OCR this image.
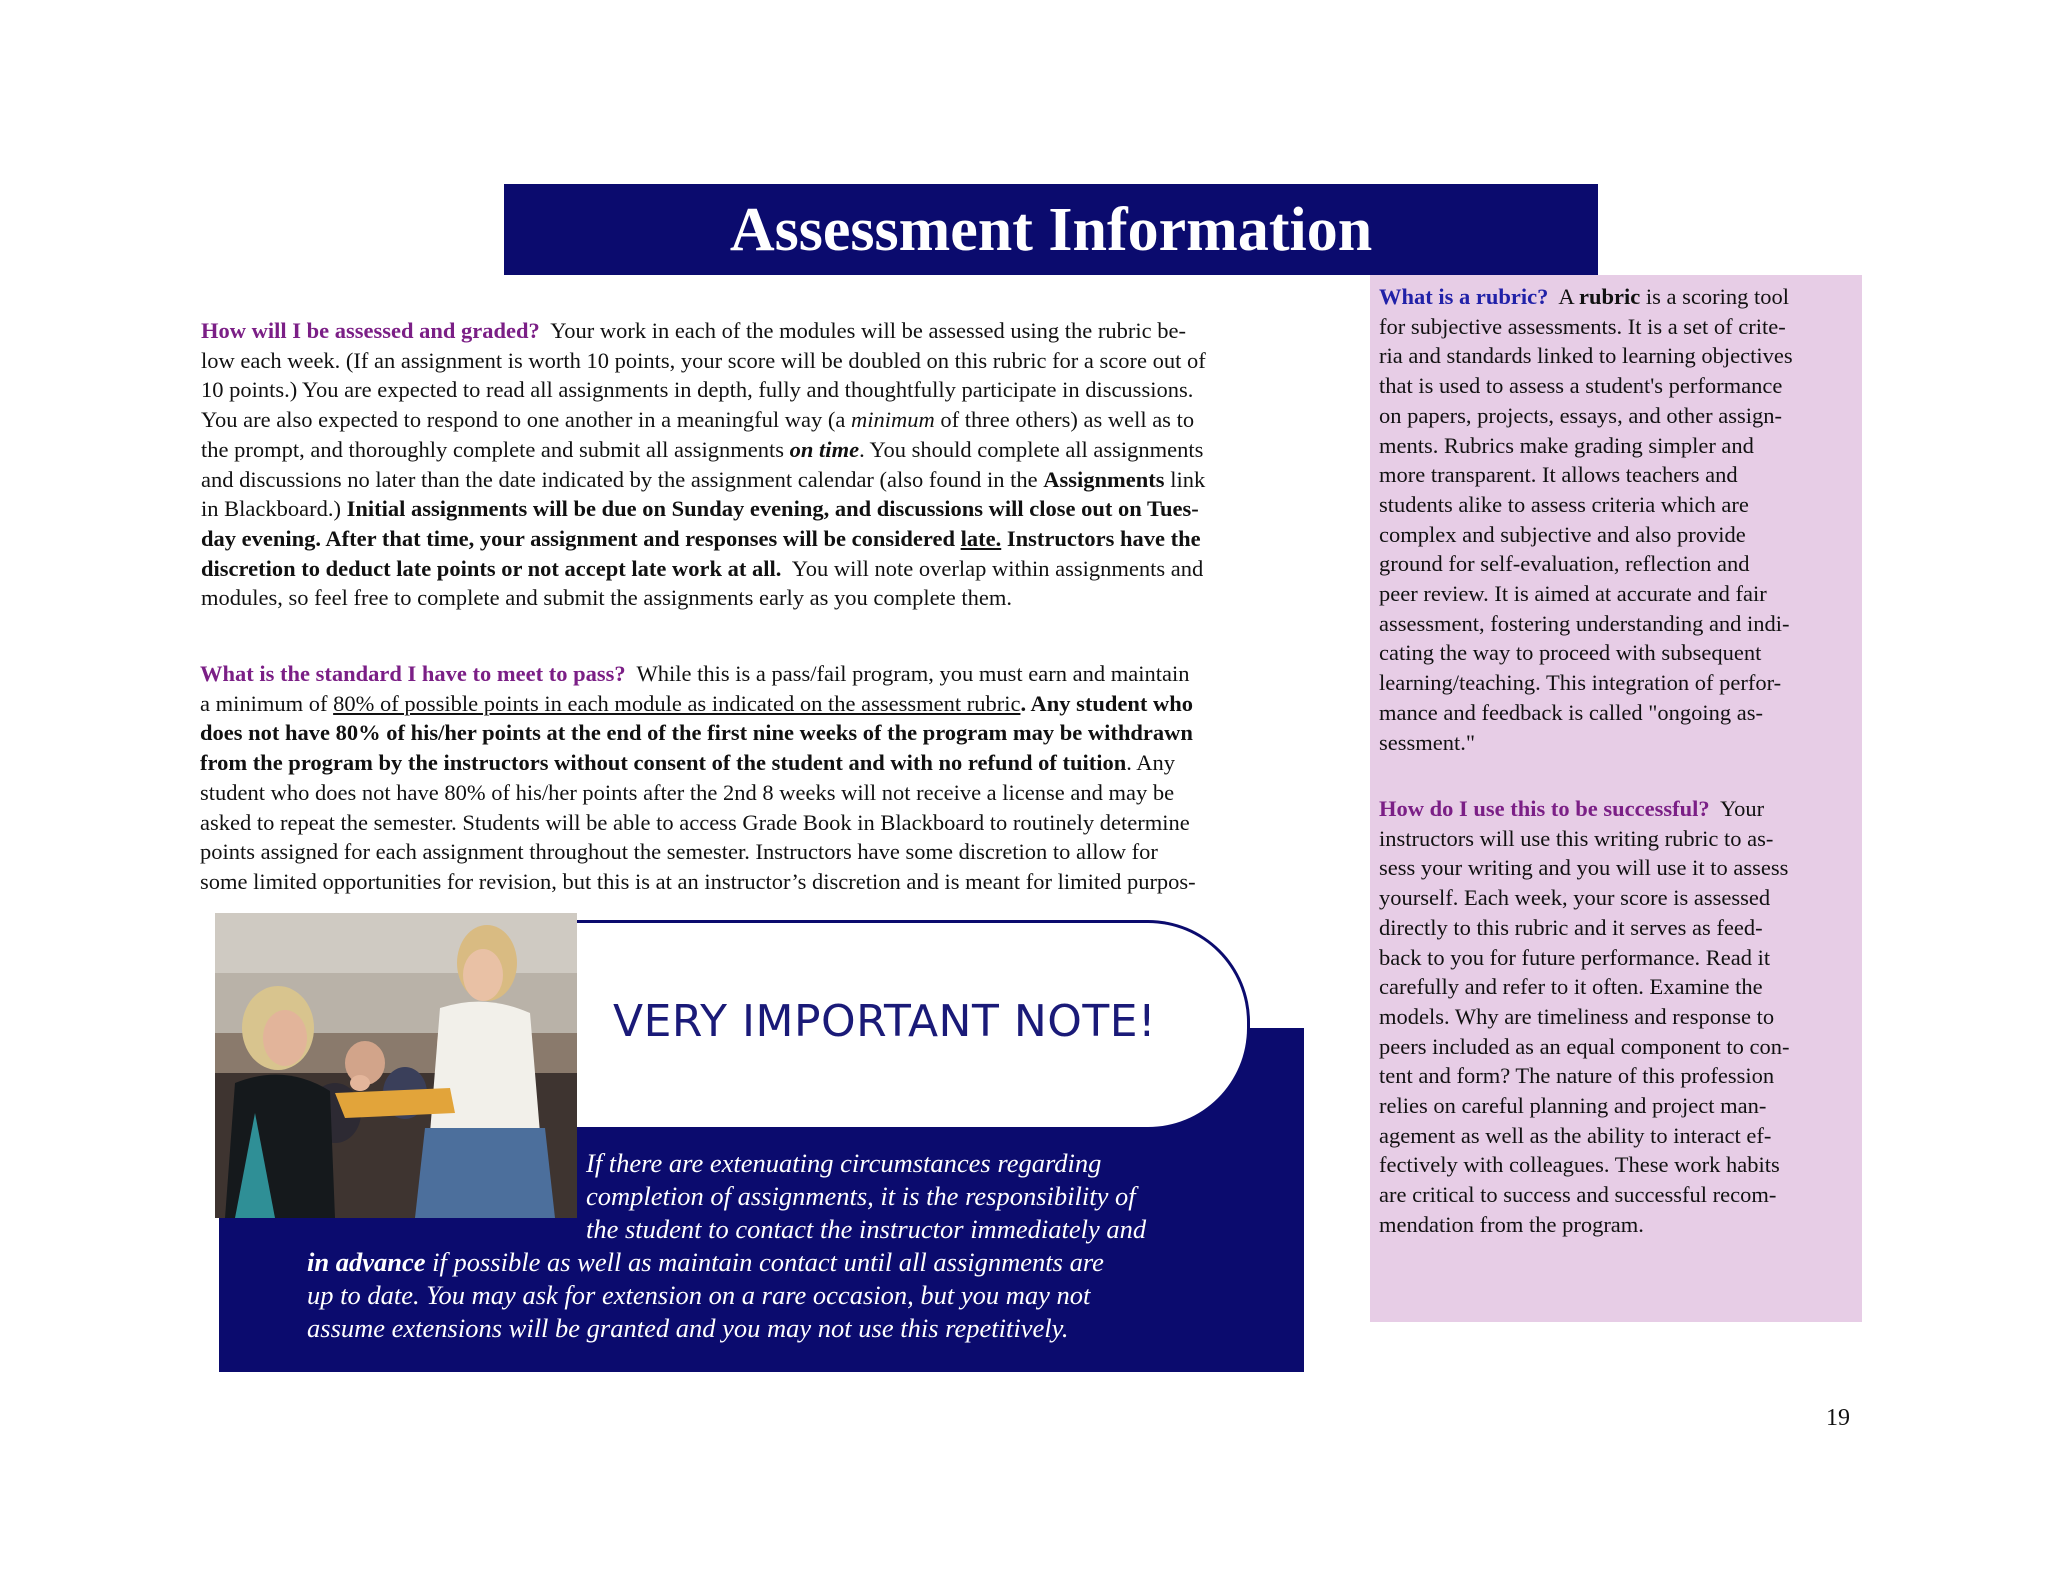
Assessment Information
How will I be assessed and graded? Your work in each of the modules will be assessed using the rubric be-
low each week. (If an assignment is worth 10 points, your score will be doubled on this rubric for a score out of
10 points.) You are expected to read all assignments in depth, fully and thoughtfully participate in discussions.
You are also expected to respond to one another in a meaningful way (a minimum of three others) as well as to
the prompt, and thoroughly complete and submit all assignments on time. You should complete all assignments
and discussions no later than the date indicated by the assignment calendar (also found in the Assignments link
in Blackboard.) Initial assignments will be due on Sunday evening, and discussions will close out on Tues-
day evening. After that time, your assignment and responses will be considered late. Instructors have the
discretion to deduct late points or not accept late work at all. You will note overlap within assignments and
modules, so feel free to complete and submit the assignments early as you complete them.
What is the standard I have to meet to pass? While this is a pass/fail program, you must earn and maintain
a minimum of 80% of possible points in each module as indicated on the assessment rubric. Any student who
does not have 80% of his/her points at the end of the first nine weeks of the program may be withdrawn
from the program by the instructors without consent of the student and with no refund of tuition. Any
student who does not have 80% of his/her points after the 2nd 8 weeks will not receive a license and may be
asked to repeat the semester. Students will be able to access Grade Book in Blackboard to routinely determine
points assigned for each assignment throughout the semester. Instructors have some discretion to allow for
some limited opportunities for revision, but this is at an instructor’s discretion and is meant for limited purpos-
What is a rubric? A rubric is a scoring tool
for subjective assessments. It is a set of crite-
ria and standards linked to learning objectives
that is used to assess a student's performance
on papers, projects, essays, and other assign-
ments. Rubrics make grading simpler and
more transparent. It allows teachers and
students alike to assess criteria which are
complex and subjective and also provide
ground for self-evaluation, reflection and
peer review. It is aimed at accurate and fair
assessment, fostering understanding and indi-
cating the way to proceed with subsequent
learning/teaching. This integration of perfor-
mance and feedback is called "ongoing as-
sessment."
How do I use this to be successful? Your
instructors will use this writing rubric to as-
sess your writing and you will use it to assess
yourself. Each week, your score is assessed
directly to this rubric and it serves as feed-
back to you for future performance. Read it
carefully and refer to it often. Examine the
models. Why are timeliness and response to
peers included as an equal component to con-
tent and form? The nature of this profession
relies on careful planning and project man-
agement as well as the ability to interact ef-
fectively with colleagues. These work habits
are critical to success and successful recom-
mendation from the program.
VERY IMPORTANT NOTE!
If there are extenuating circumstances regarding
completion of assignments, it is the responsibility of
the student to contact the instructor immediately and
in advance if possible as well as maintain contact until all assignments are
up to date. You may ask for extension on a rare occasion, but you may not
assume extensions will be granted and you may not use this repetitively.
19
